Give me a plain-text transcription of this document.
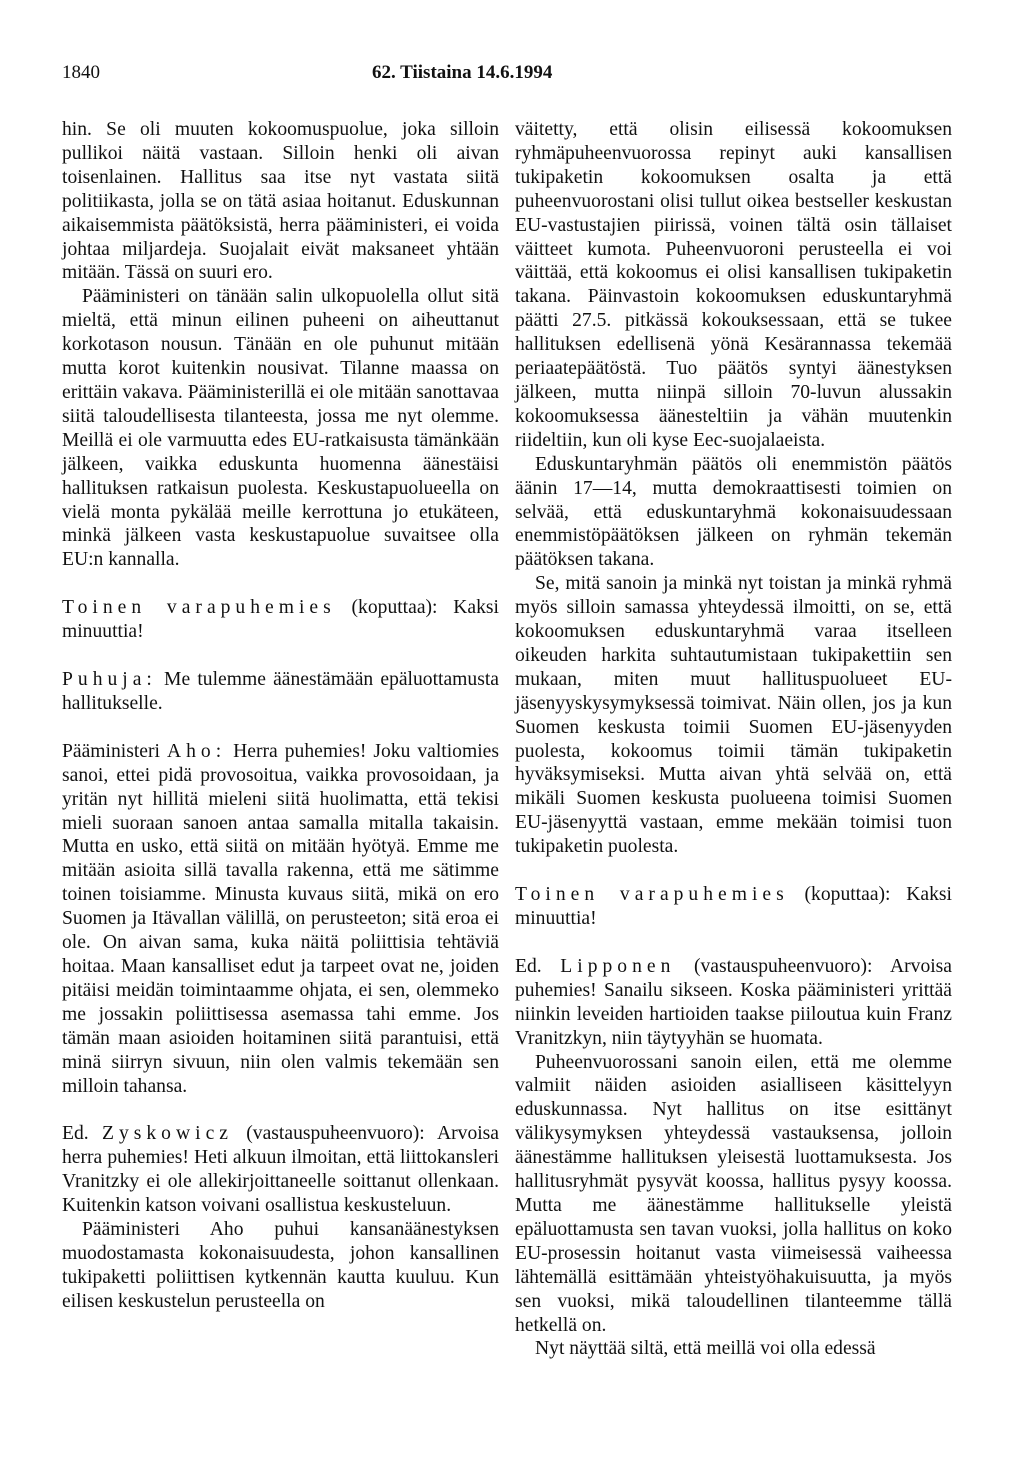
1840	62. Tiistaina 14.6.1994

hin. Se oli muuten kokoomuspuolue, joka silloin pullikoi näitä vastaan. Silloin henki oli aivan toisenlainen. Hallitus saa itse nyt vastata siitä politiikasta, jolla se on tätä asiaa hoitanut. Eduskunnan aikaisemmista päätöksistä, herra pääministeri, ei voida johtaa miljardeja. Suojalait eivät maksaneet yhtään mitään. Tässä on suuri ero.

Pääministeri on tänään salin ulkopuolella ollut sitä mieltä, että minun eilinen puheeni on aiheuttanut korkotason nousun. Tänään en ole puhunut mitään mutta korot kuitenkin nousivat. Tilanne maassa on erittäin vakava. Pääministerillä ei ole mitään sanottavaa siitä taloudellisesta tilanteesta, jossa me nyt olemme. Meillä ei ole varmuutta edes EU-ratkaisusta tämänkään jälkeen, vaikka eduskunta huomenna äänestäisi hallituksen ratkaisun puolesta. Keskustapuolueella on vielä monta pykälää meille kerrottuna jo etukäteen, minkä jälkeen vasta keskustapuolue suvaitsee olla EU:n kannalla.

Toinen varapuhemies (koputtaa): Kaksi minuuttia!

Puhuja: Me tulemme äänestämään epäluottamusta hallitukselle.

Pääministeri Aho: Herra puhemies! Joku valtiomies sanoi, ettei pidä provosoitua, vaikka provosoidaan, ja yritän nyt hillitä mieleni siitä huolimatta, että tekisi mieli suoraan sanoen antaa samalla mitalla takaisin. Mutta en usko, että siitä on mitään hyötyä. Emme me mitään asioita sillä tavalla rakenna, että me sätimme toinen toisiamme. Minusta kuvaus siitä, mikä on ero Suomen ja Itävallan välillä, on perusteeton; sitä eroa ei ole. On aivan sama, kuka näitä poliittisia tehtäviä hoitaa. Maan kansalliset edut ja tarpeet ovat ne, joiden pitäisi meidän toimintaamme ohjata, ei sen, olemmeko me jossakin poliittisessa asemassa tahi emme. Jos tämän maan asioiden hoitaminen siitä parantuisi, että minä siirryn sivuun, niin olen valmis tekemään sen milloin tahansa.

Ed. Zyskowicz (vastauspuheenvuoro): Arvoisa herra puhemies! Heti alkuun ilmoitan, että liittokansleri Vranitzky ei ole allekirjoittaneelle soittanut ollenkaan. Kuitenkin katson voivani osallistua keskusteluun.

Pääministeri Aho puhui kansanäänestyksen muodostamasta kokonaisuudesta, johon kansallinen tukipaketti poliittisen kytkennän kautta kuuluu. Kun eilisen keskustelun perusteella on

väitetty, että olisin eilisessä kokoomuksen ryhmäpuheenvuorossa repinyt auki kansallisen tukipaketin kokoomuksen osalta ja että puheenvuorostani olisi tullut oikea bestseller keskustan EU-vastustajien piirissä, voinen tältä osin tällaiset väitteet kumota. Puheenvuoroni perusteella ei voi väittää, että kokoomus ei olisi kansallisen tukipaketin takana. Päinvastoin kokoomuksen eduskuntaryhmä päätti 27.5. pitkässä kokouksessaan, että se tukee hallituksen edellisenä yönä Kesärannassa tekemää periaatepäätöstä. Tuo päätös syntyi äänestyksen jälkeen, mutta niinpä silloin 70-luvun alussakin kokoomuksessa äänesteltiin ja vähän muutenkin riideltiin, kun oli kyse Eec-suojalaeista.

Eduskuntaryhmän päätös oli enemmistön päätös äänin 17—14, mutta demokraattisesti toimien on selvää, että eduskuntaryhmä kokonaisuudessaan enemmistöpäätöksen jälkeen on ryhmän tekemän päätöksen takana.

Se, mitä sanoin ja minkä nyt toistan ja minkä ryhmä myös silloin samassa yhteydessä ilmoitti, on se, että kokoomuksen eduskuntaryhmä varaa itselleen oikeuden harkita suhtautumistaan tukipakettiin sen mukaan, miten muut hallituspuolueet EU-jäsenyyskysymyksessä toimivat. Näin ollen, jos ja kun Suomen keskusta toimii Suomen EU-jäsenyyden puolesta, kokoomus toimii tämän tukipaketin hyväksymiseksi. Mutta aivan yhtä selvää on, että mikäli Suomen keskusta puolueena toimisi Suomen EU-jäsenyyttä vastaan, emme mekään toimisi tuon tukipaketin puolesta.

Toinen varapuhemies (koputtaa): Kaksi minuuttia!

Ed. Lipponen (vastauspuheenvuoro): Arvoisa puhemies! Sanailu sikseen. Koska pääministeri yrittää niinkin leveiden hartioiden taakse piiloutua kuin Franz Vranitzkyn, niin täytyyhän se huomata.

Puheenvuorossani sanoin eilen, että me olemme valmiit näiden asioiden asialliseen käsittelyyn eduskunnassa. Nyt hallitus on itse esittänyt välikysymyksen yhteydessä vastauksensa, jolloin äänestämme hallituksen yleisestä luottamuksesta. Jos hallitusryhmät pysyvät koossa, hallitus pysyy koossa. Mutta me äänestämme hallitukselle yleistä epäluottamusta sen tavan vuoksi, jolla hallitus on koko EU-prosessin hoitanut vasta viimeisessä vaiheessa lähtemällä esittämään yhteistyöhakuisuutta, ja myös sen vuoksi, mikä taloudellinen tilanteemme tällä hetkellä on.

Nyt näyttää siltä, että meillä voi olla edessä
